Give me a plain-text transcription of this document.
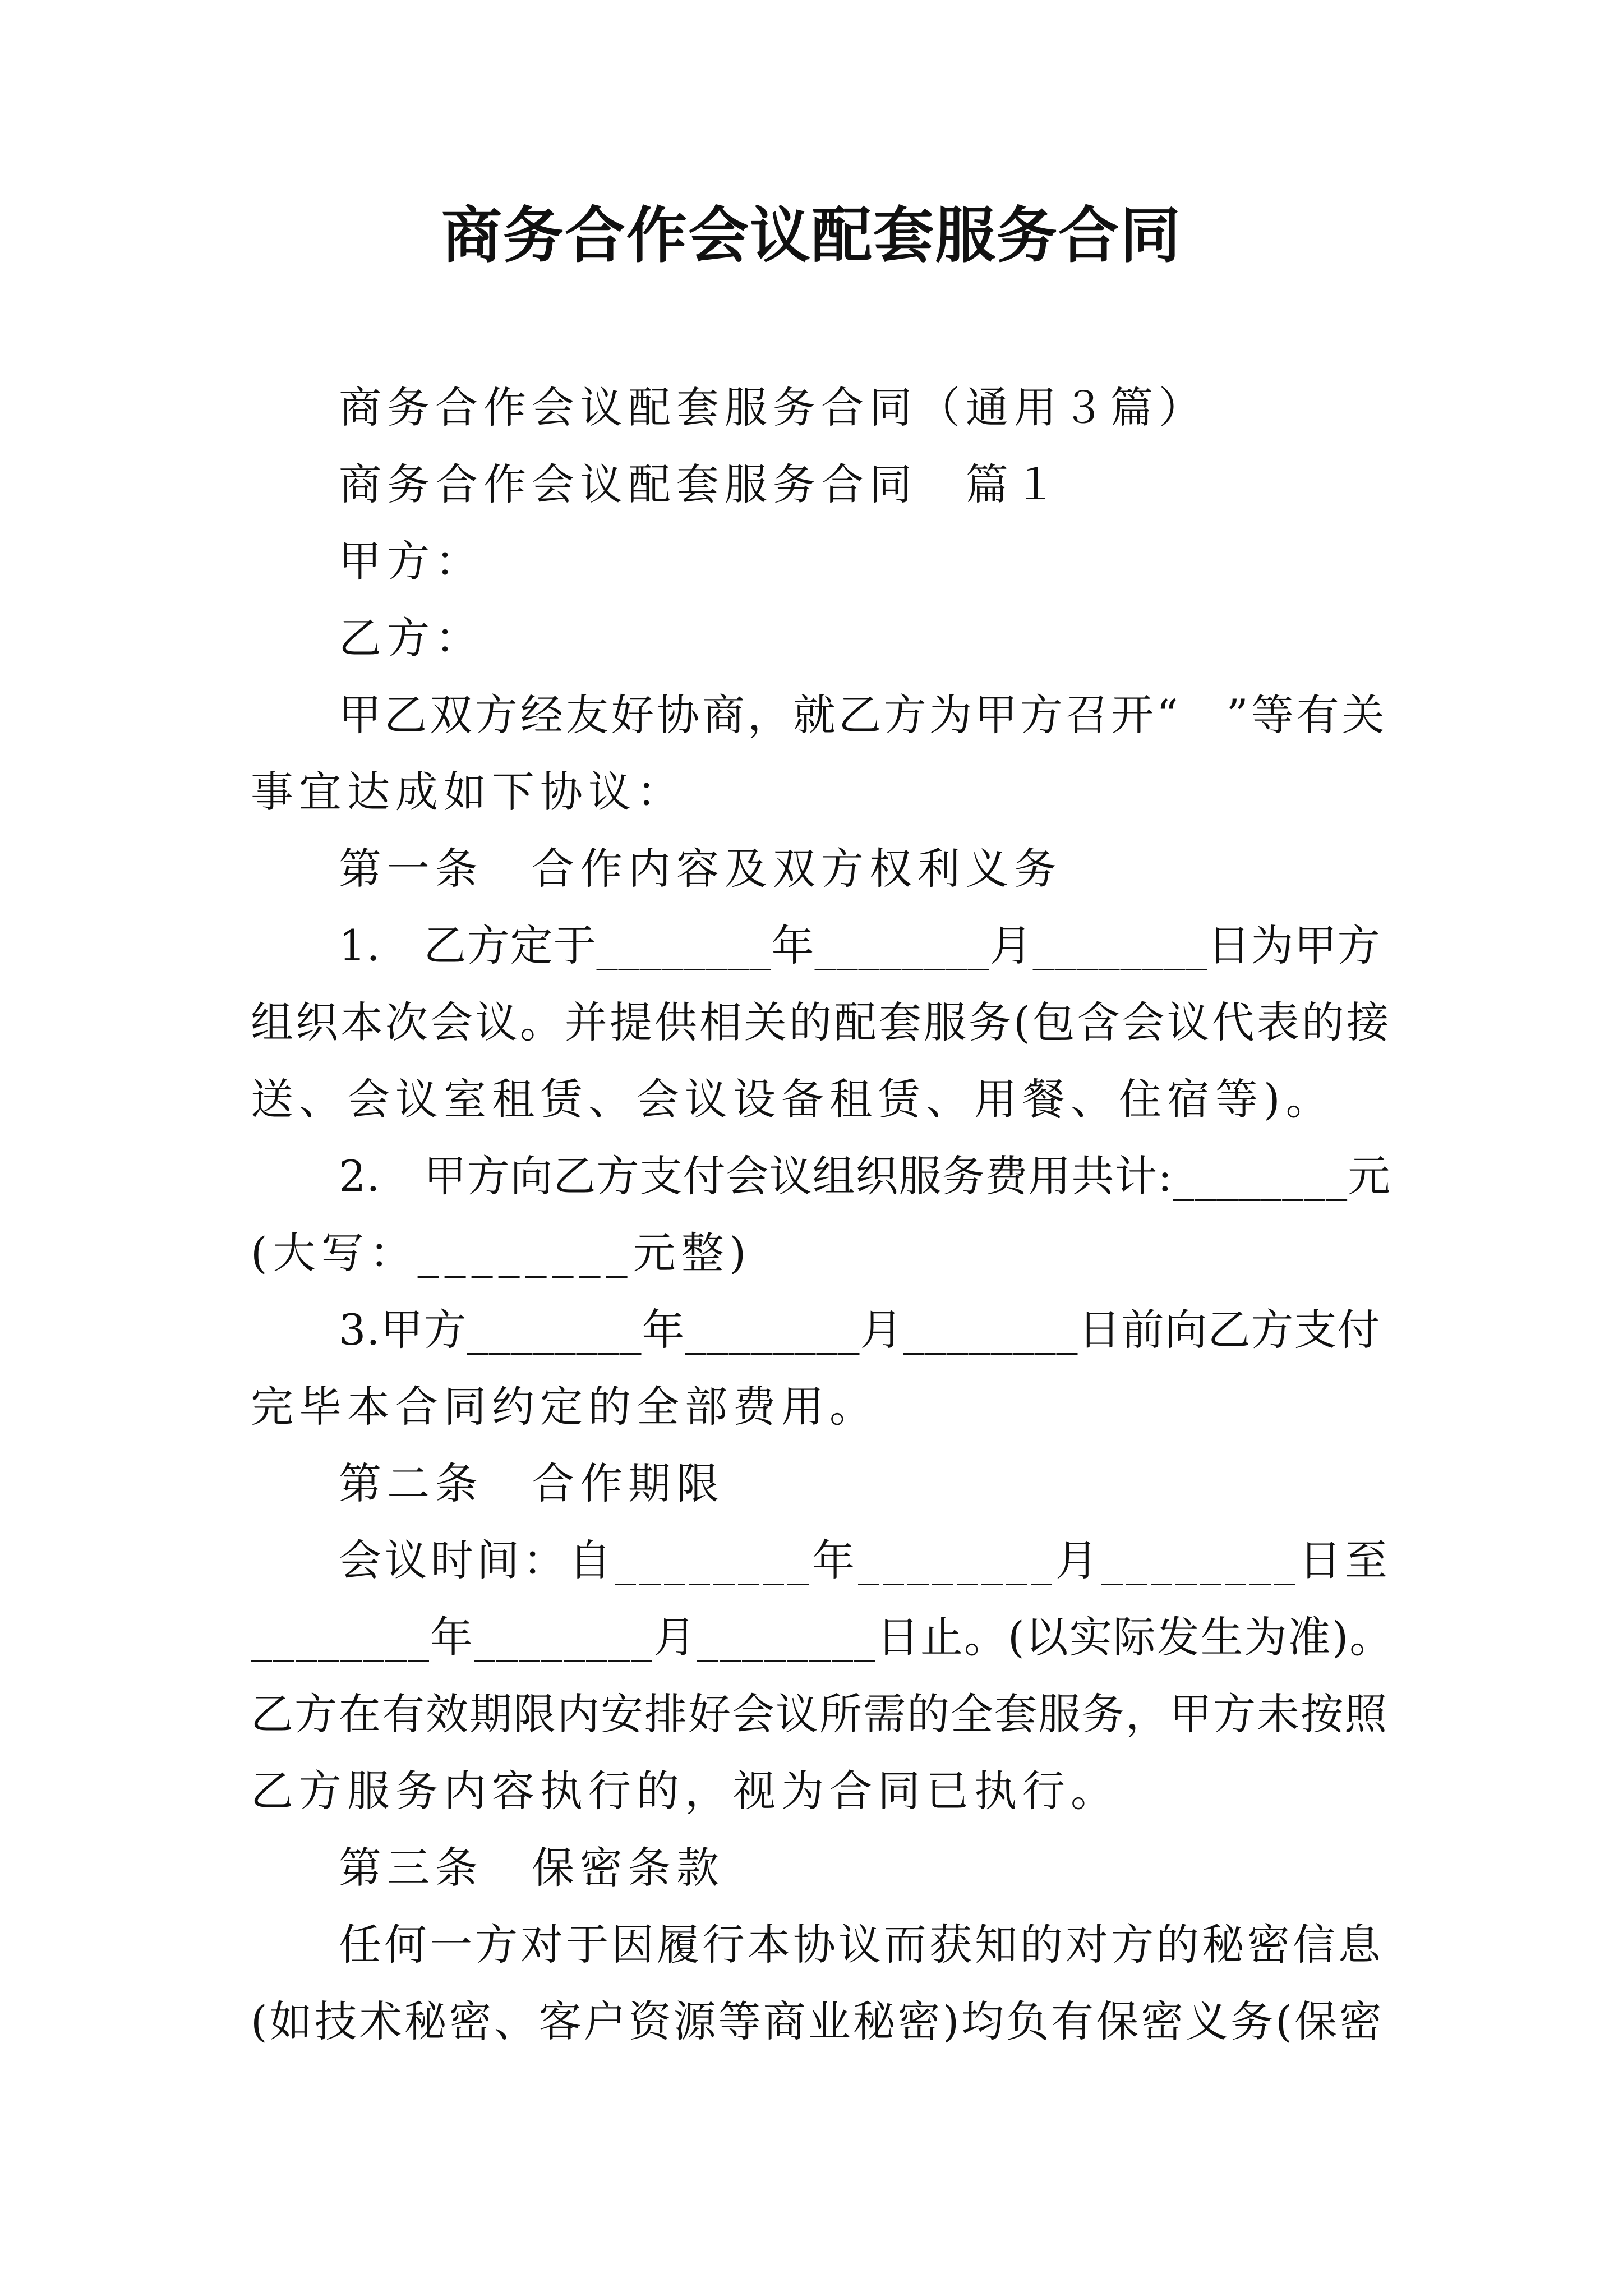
商务合作会议配套服务合同

商务合作会议配套服务合同（通用３篇）

商务合作会议配套服务合同　篇１

甲方：

乙方：

甲乙双方经友好协商，就乙方为甲方召开“　”等有关

事宜达成如下协议：

第一条　合作内容及双方权利义务

1.　乙方定于________年________月________日为甲方

组织本次会议。并提供相关的配套服务(包含会议代表的接

送、会议室租赁、会议设备租赁、用餐、住宿等)。

2.　甲方向乙方支付会议组织服务费用共计:________元

(大写：________元整)

3.甲方________年________月________日前向乙方支付

完毕本合同约定的全部费用。

第二条　合作期限

会议时间：自________年________月________日至

________年________月________日止。(以实际发生为准)。

乙方在有效期限内安排好会议所需的全套服务，甲方未按照

乙方服务内容执行的，视为合同已执行。

第三条　保密条款

任何一方对于因履行本协议而获知的对方的秘密信息

(如技术秘密、客户资源等商业秘密)均负有保密义务(保密
